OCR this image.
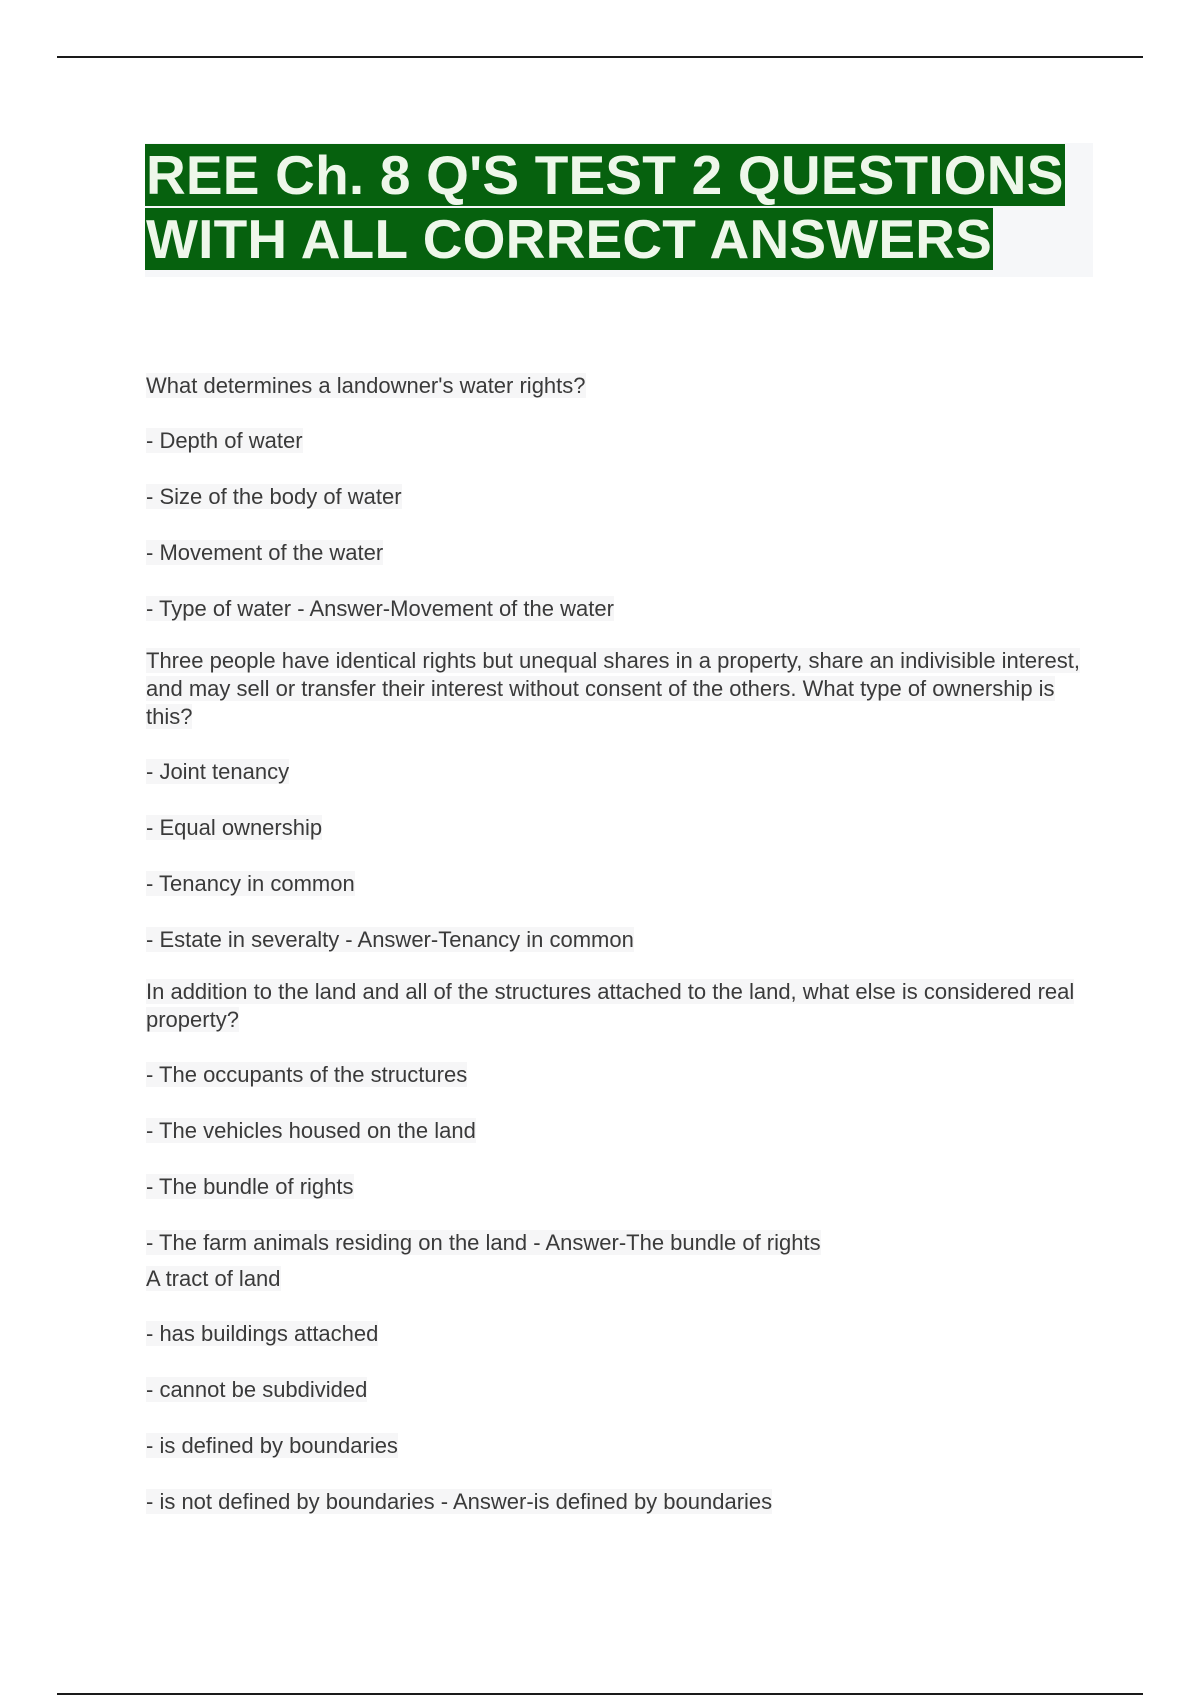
REE Ch. 8 Q'S TEST 2 QUESTIONS WITH ALL CORRECT ANSWERS

What determines a landowner's water rights?

- Depth of water

- Size of the body of water

- Movement of the water

- Type of water - Answer-Movement of the water

Three people have identical rights but unequal shares in a property, share an indivisible interest, and may sell or transfer their interest without consent of the others. What type of ownership is this?

- Joint tenancy

- Equal ownership

- Tenancy in common

- Estate in severalty - Answer-Tenancy in common

In addition to the land and all of the structures attached to the land, what else is considered real property?

- The occupants of the structures

- The vehicles housed on the land

- The bundle of rights

- The farm animals residing on the land - Answer-The bundle of rights

A tract of land

- has buildings attached

- cannot be subdivided

- is defined by boundaries

- is not defined by boundaries - Answer-is defined by boundaries
